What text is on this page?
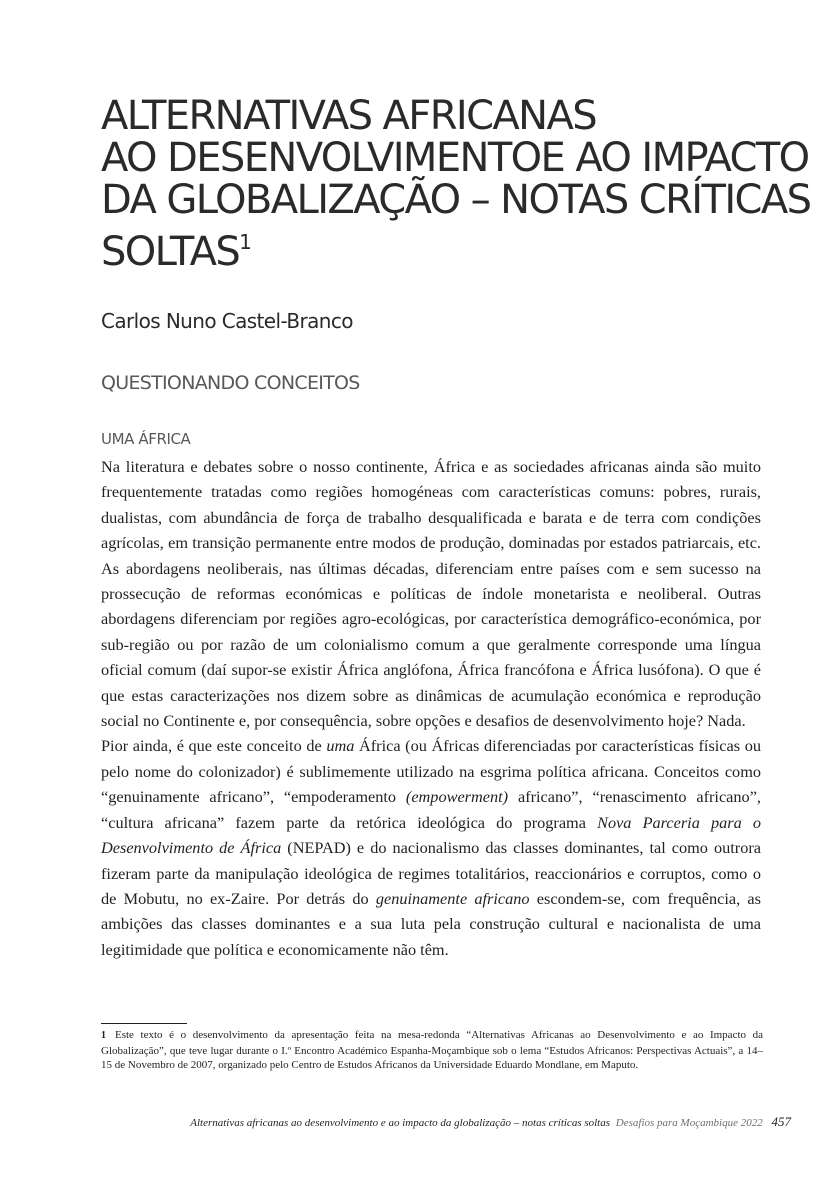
ALTERNATIVAS AFRICANAS
AO DESENVOLVIMENTOE AO IMPACTO
DA GLOBALIZAÇÃO – NOTAS CRÍTICAS
SOLTAS$^1$
Carlos Nuno Castel-Branco
QUESTIONANDO CONCEITOS
UMA ÁFRICA

Na literatura e debates sobre o nosso continente, África e as sociedades africanas ainda são muito frequentemente tratadas como regiões homogéneas com características comuns: pobres, rurais, dualistas, com abundância de força de trabalho desqualificada e barata e de terra com condições agrícolas, em transição permanente entre modos de produção, dominadas por estados patriarcais, etc. As abordagens neoliberais, nas últimas décadas, diferenciam entre países com e sem sucesso na prossecução de reformas económicas e políticas de índole monetarista e neoliberal. Outras abordagens diferenciam por regiões agro-ecológicas, por característica demográfico-económica, por sub-região ou por razão de um colonialismo comum a que geralmente corresponde uma língua oficial comum (daí supor-se existir África anglófona, África francófona e África lusófona). O que é que estas caracterizações nos dizem sobre as dinâmicas de acumulação económica e reprodução social no Continente e, por consequência, sobre opções e desafios de desenvolvimento hoje? Nada.

Pior ainda, é que este conceito de uma África (ou Áfricas diferenciadas por características físicas ou pelo nome do colonizador) é sublimemente utilizado na esgrima política africana. Conceitos como “genuinamente africano”, “empoderamento (empowerment) africano”, “renascimento africano”, “cultura africana” fazem parte da retórica ideológica do programa Nova Parceria para o Desenvolvimento de África (NEPAD) e do nacionalismo das classes dominantes, tal como outrora fizeram parte da manipulação ideológica de regimes totalitários, reaccionários e corruptos, como o de Mobutu, no ex-Zaire. Por detrás do genuinamente africano escondem-se, com frequência, as ambições das classes dominantes e a sua luta pela construção cultural e nacionalista de uma legitimidade que política e economicamente não têm.

1 Este texto é o desenvolvimento da apresentação feita na mesa-redonda “Alternativas Africanas ao Desenvolvimento e ao Impacto da Globalização”, que teve lugar durante o I.º Encontro Académico Espanha-Moçambique sob o lema “Estudos Africanos: Perspectivas Actuais”, a 14–15 de Novembro de 2007, organizado pelo Centro de Estudos Africanos da Universidade Eduardo Mondlane, em Maputo.
Alternativas africanas ao desenvolvimento e ao impacto da globalização – notas críticas soltas Desafios para Moçambique 2022 457
